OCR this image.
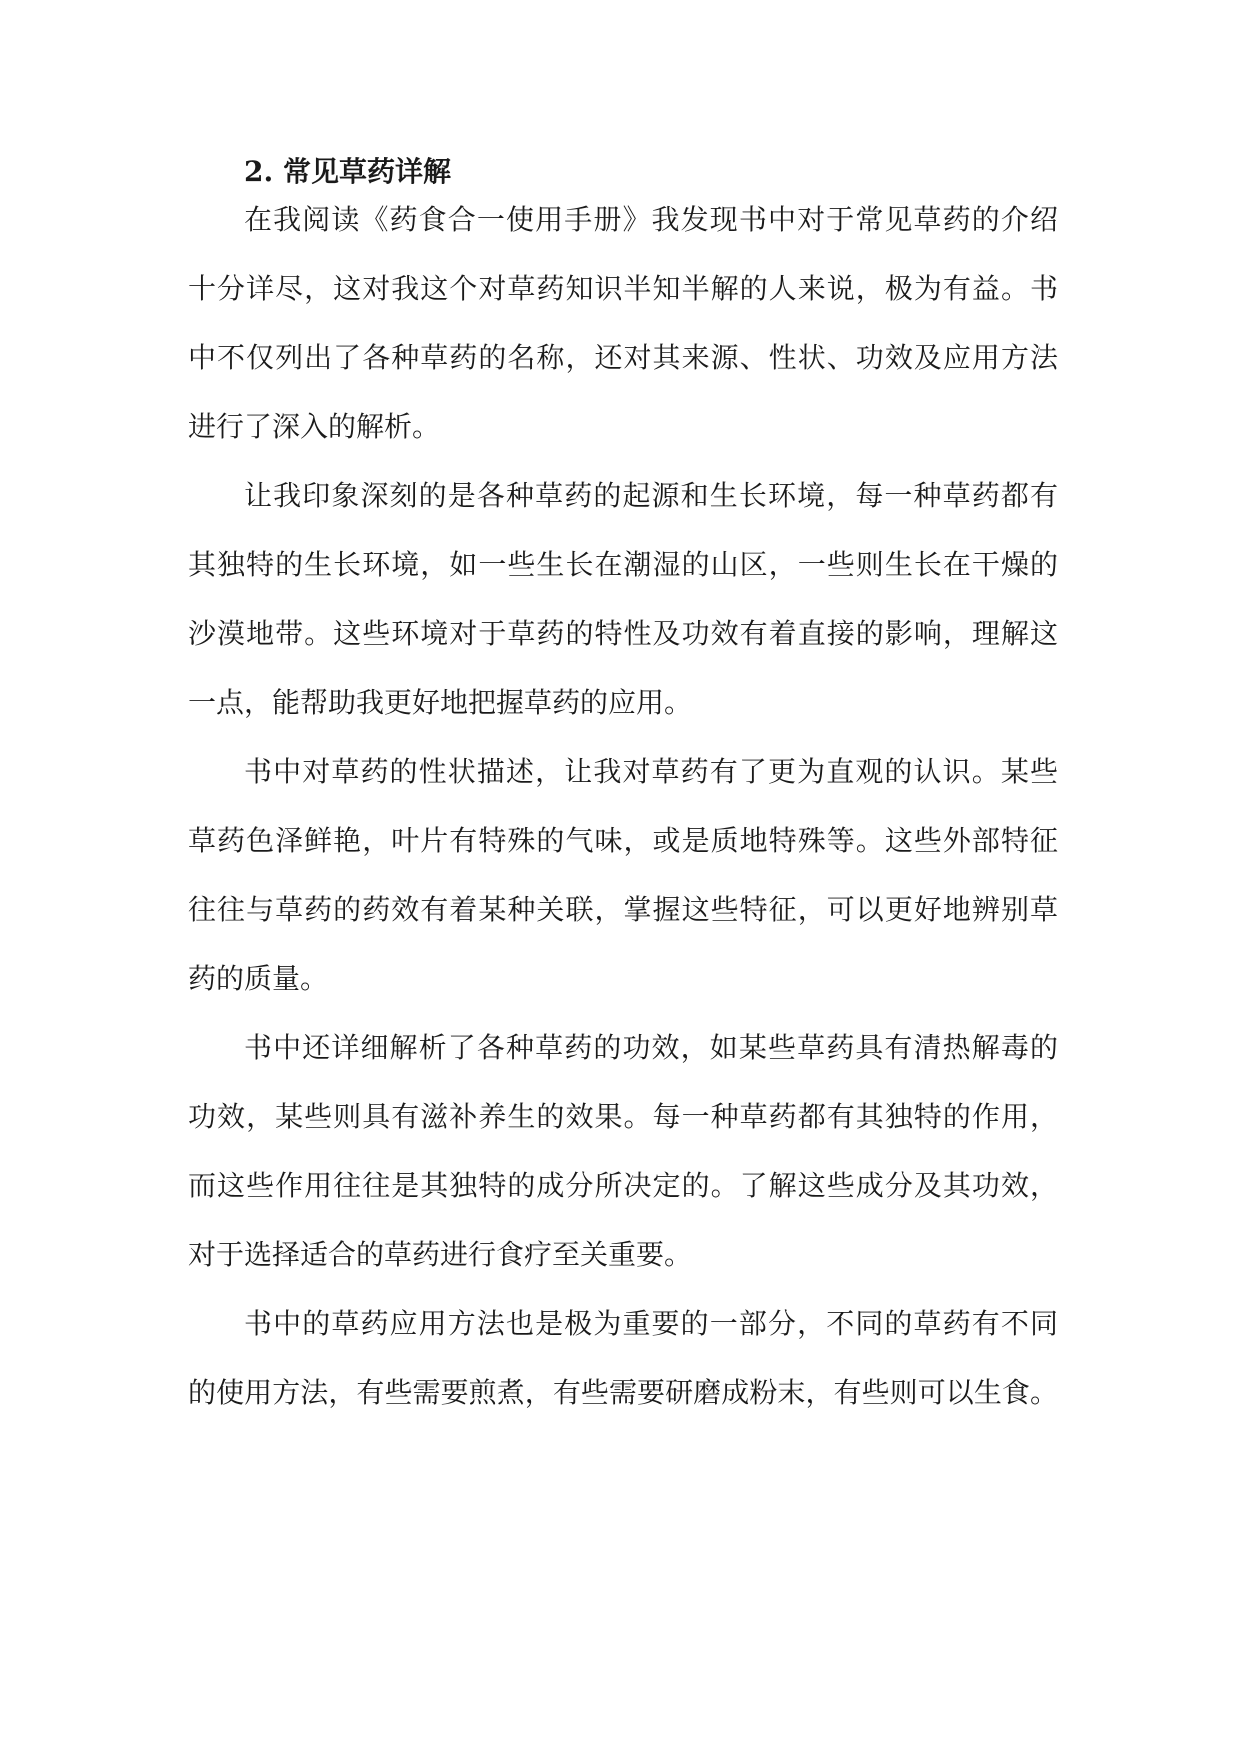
2. 常见草药详解

在我阅读《药食合一使用手册》我发现书中对于常见草药的介绍

十分详尽，这对我这个对草药知识半知半解的人来说，极为有益。书

中不仅列出了各种草药的名称，还对其来源、性状、功效及应用方法

进行了深入的解析。

让我印象深刻的是各种草药的起源和生长环境，每一种草药都有

其独特的生长环境，如一些生长在潮湿的山区，一些则生长在干燥的

沙漠地带。这些环境对于草药的特性及功效有着直接的影响，理解这

一点，能帮助我更好地把握草药的应用。

书中对草药的性状描述，让我对草药有了更为直观的认识。某些

草药色泽鲜艳，叶片有特殊的气味，或是质地特殊等。这些外部特征

往往与草药的药效有着某种关联，掌握这些特征，可以更好地辨别草

药的质量。

书中还详细解析了各种草药的功效，如某些草药具有清热解毒的

功效，某些则具有滋补养生的效果。每一种草药都有其独特的作用，

而这些作用往往是其独特的成分所决定的。了解这些成分及其功效，

对于选择适合的草药进行食疗至关重要。

书中的草药应用方法也是极为重要的一部分，不同的草药有不同

的使用方法，有些需要煎煮，有些需要研磨成粉末，有些则可以生食。
